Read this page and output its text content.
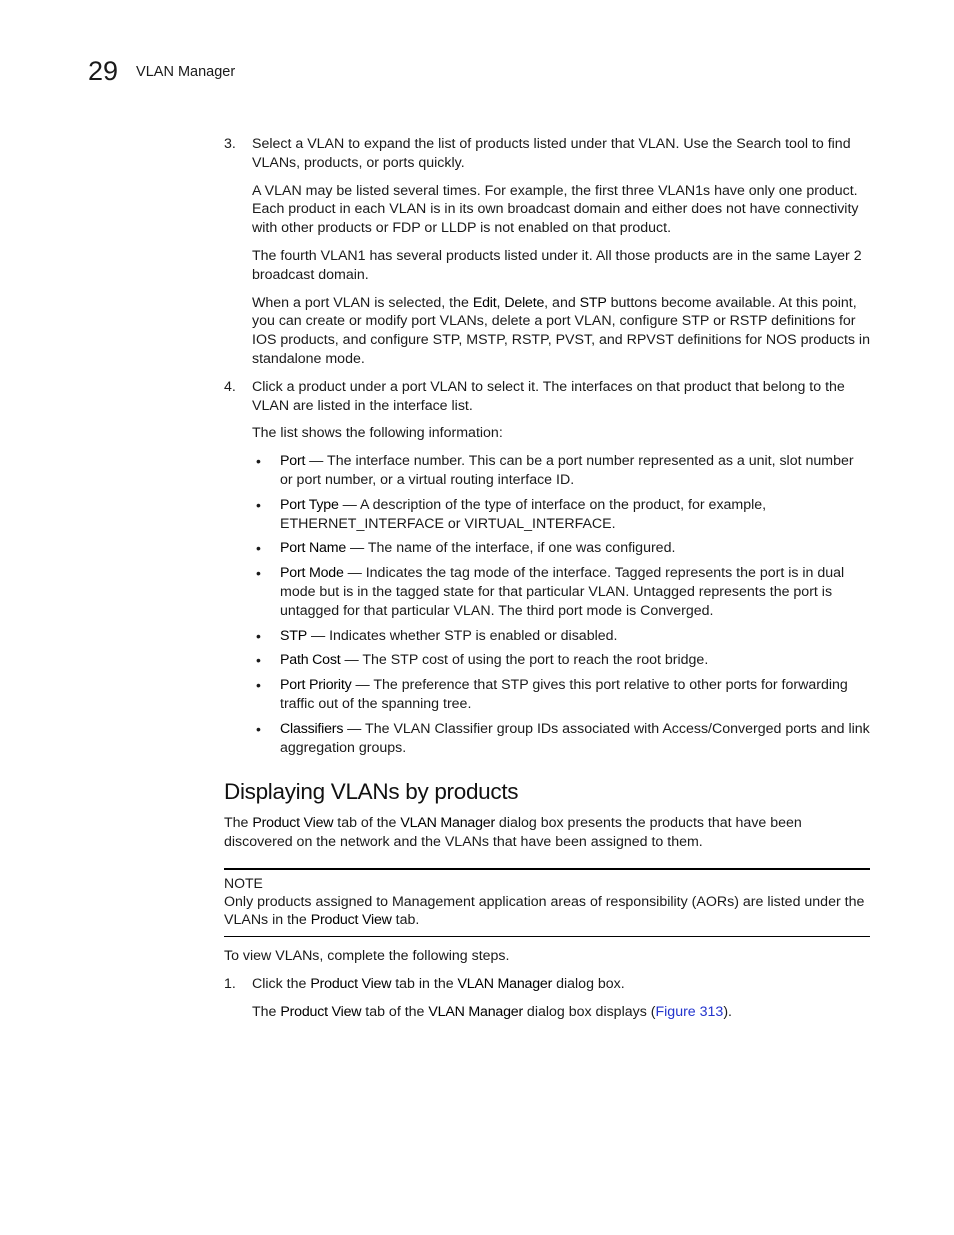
29 VLAN Manager
3.	Select a VLAN to expand the list of products listed under that VLAN. Use the Search tool to find VLANs, products, or ports quickly.

A VLAN may be listed several times. For example, the first three VLAN1s have only one product. Each product in each VLAN is in its own broadcast domain and either does not have connectivity with other products or FDP or LLDP is not enabled on that product.

The fourth VLAN1 has several products listed under it. All those products are in the same Layer 2 broadcast domain.

When a port VLAN is selected, the Edit, Delete, and STP buttons become available. At this point, you can create or modify port VLANs, delete a port VLAN, configure STP or RSTP definitions for IOS products, and configure STP, MSTP, RSTP, PVST, and RPVST definitions for NOS products in standalone mode.

4.	Click a product under a port VLAN to select it. The interfaces on that product that belong to the VLAN are listed in the interface list.

The list shows the following information:

•	Port — The interface number. This can be a port number represented as a unit, slot number or port number, or a virtual routing interface ID.

•	Port Type — A description of the type of interface on the product, for example, ETHERNET_INTERFACE or VIRTUAL_INTERFACE.

•	Port Name — The name of the interface, if one was configured.

•	Port Mode — Indicates the tag mode of the interface. Tagged represents the port is in dual mode but is in the tagged state for that particular VLAN. Untagged represents the port is untagged for that particular VLAN. The third port mode is Converged.

•	STP — Indicates whether STP is enabled or disabled.

•	Path Cost — The STP cost of using the port to reach the root bridge.

•	Port Priority — The preference that STP gives this port relative to other ports for forwarding traffic out of the spanning tree.

•	Classifiers — The VLAN Classifier group IDs associated with Access/Converged ports and link aggregation groups.

Displaying VLANs by products

The Product View tab of the VLAN Manager dialog box presents the products that have been discovered on the network and the VLANs that have been assigned to them.

NOTE

Only products assigned to Management application areas of responsibility (AORs) are listed under the VLANs in the Product View tab.

To view VLANs, complete the following steps.

1.	Click the Product View tab in the VLAN Manager dialog box.

The Product View tab of the VLAN Manager dialog box displays (Figure 313).
